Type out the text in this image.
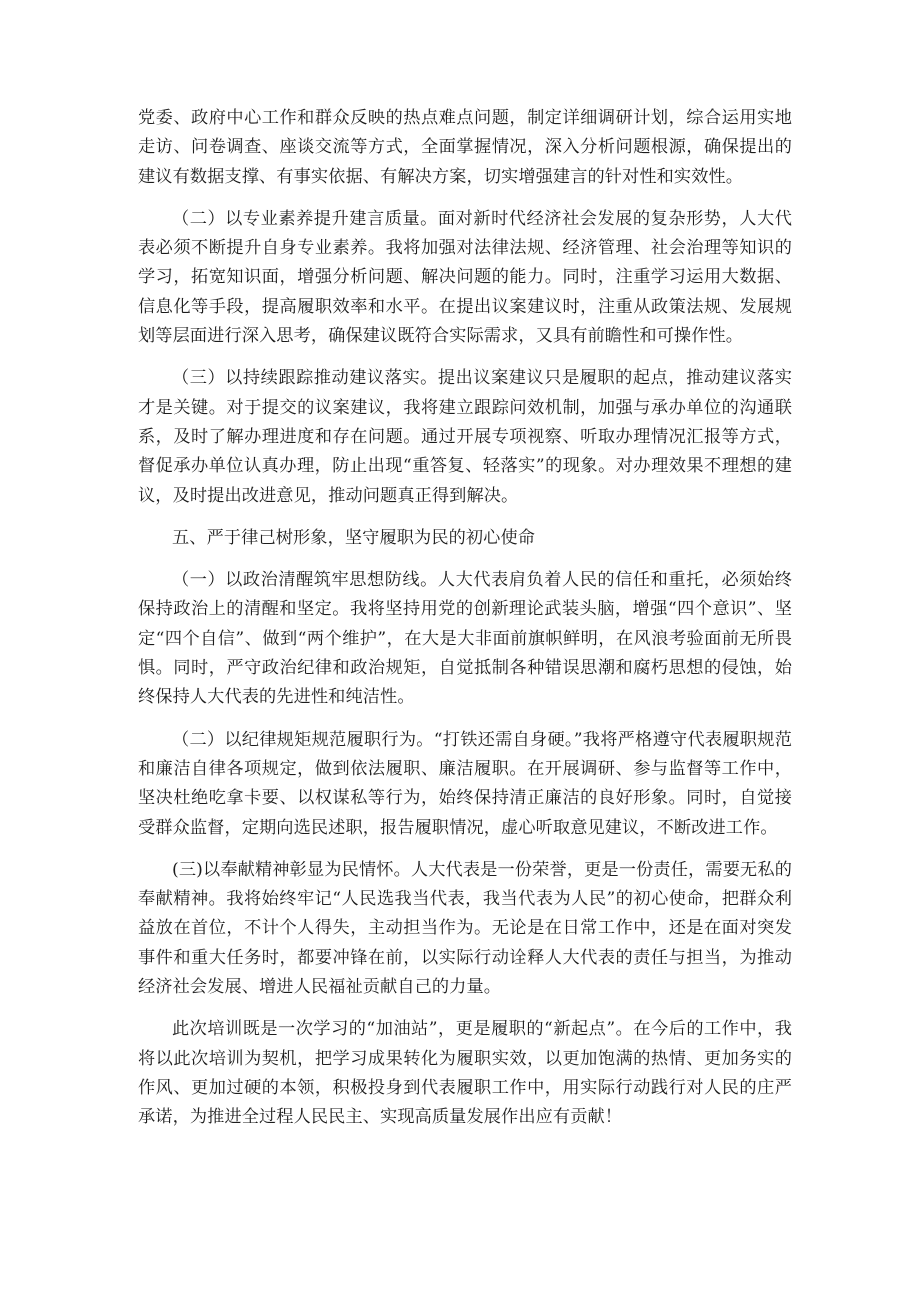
党委、政府中心工作和群众反映的热点难点问题，制定详细调研计划，综合运用实地走访、问卷调查、座谈交流等方式，全面掌握情况，深入分析问题根源，确保提出的建议有数据支撑、有事实依据、有解决方案，切实增强建言的针对性和实效性。

（二）以专业素养提升建言质量。面对新时代经济社会发展的复杂形势，人大代表必须不断提升自身专业素养。我将加强对法律法规、经济管理、社会治理等知识的学习，拓宽知识面，增强分析问题、解决问题的能力。同时，注重学习运用大数据、信息化等手段，提高履职效率和水平。在提出议案建议时，注重从政策法规、发展规划等层面进行深入思考，确保建议既符合实际需求，又具有前瞻性和可操作性。

（三）以持续跟踪推动建议落实。提出议案建议只是履职的起点，推动建议落实才是关键。对于提交的议案建议，我将建立跟踪问效机制，加强与承办单位的沟通联系，及时了解办理进度和存在问题。通过开展专项视察、听取办理情况汇报等方式，督促承办单位认真办理，防止出现“重答复、轻落实”的现象。对办理效果不理想的建议，及时提出改进意见，推动问题真正得到解决。

五、严于律己树形象，坚守履职为民的初心使命

（一）以政治清醒筑牢思想防线。人大代表肩负着人民的信任和重托，必须始终保持政治上的清醒和坚定。我将坚持用党的创新理论武装头脑，增强“四个意识”、坚定“四个自信”、做到“两个维护”，在大是大非面前旗帜鲜明，在风浪考验面前无所畏惧。同时，严守政治纪律和政治规矩，自觉抵制各种错误思潮和腐朽思想的侵蚀，始终保持人大代表的先进性和纯洁性。

（二）以纪律规矩规范履职行为。“打铁还需自身硬。”我将严格遵守代表履职规范和廉洁自律各项规定，做到依法履职、廉洁履职。在开展调研、参与监督等工作中，坚决杜绝吃拿卡要、以权谋私等行为，始终保持清正廉洁的良好形象。同时，自觉接受群众监督，定期向选民述职，报告履职情况，虚心听取意见建议，不断改进工作。

(三)以奉献精神彰显为民情怀。人大代表是一份荣誉，更是一份责任，需要无私的奉献精神。我将始终牢记“人民选我当代表，我当代表为人民”的初心使命，把群众利益放在首位，不计个人得失，主动担当作为。无论是在日常工作中，还是在面对突发事件和重大任务时，都要冲锋在前，以实际行动诠释人大代表的责任与担当，为推动经济社会发展、增进人民福祉贡献自己的力量。

此次培训既是一次学习的“加油站”，更是履职的“新起点”。在今后的工作中，我将以此次培训为契机，把学习成果转化为履职实效，以更加饱满的热情、更加务实的作风、更加过硬的本领，积极投身到代表履职工作中，用实际行动践行对人民的庄严承诺，为推进全过程人民民主、实现高质量发展作出应有贡献！
